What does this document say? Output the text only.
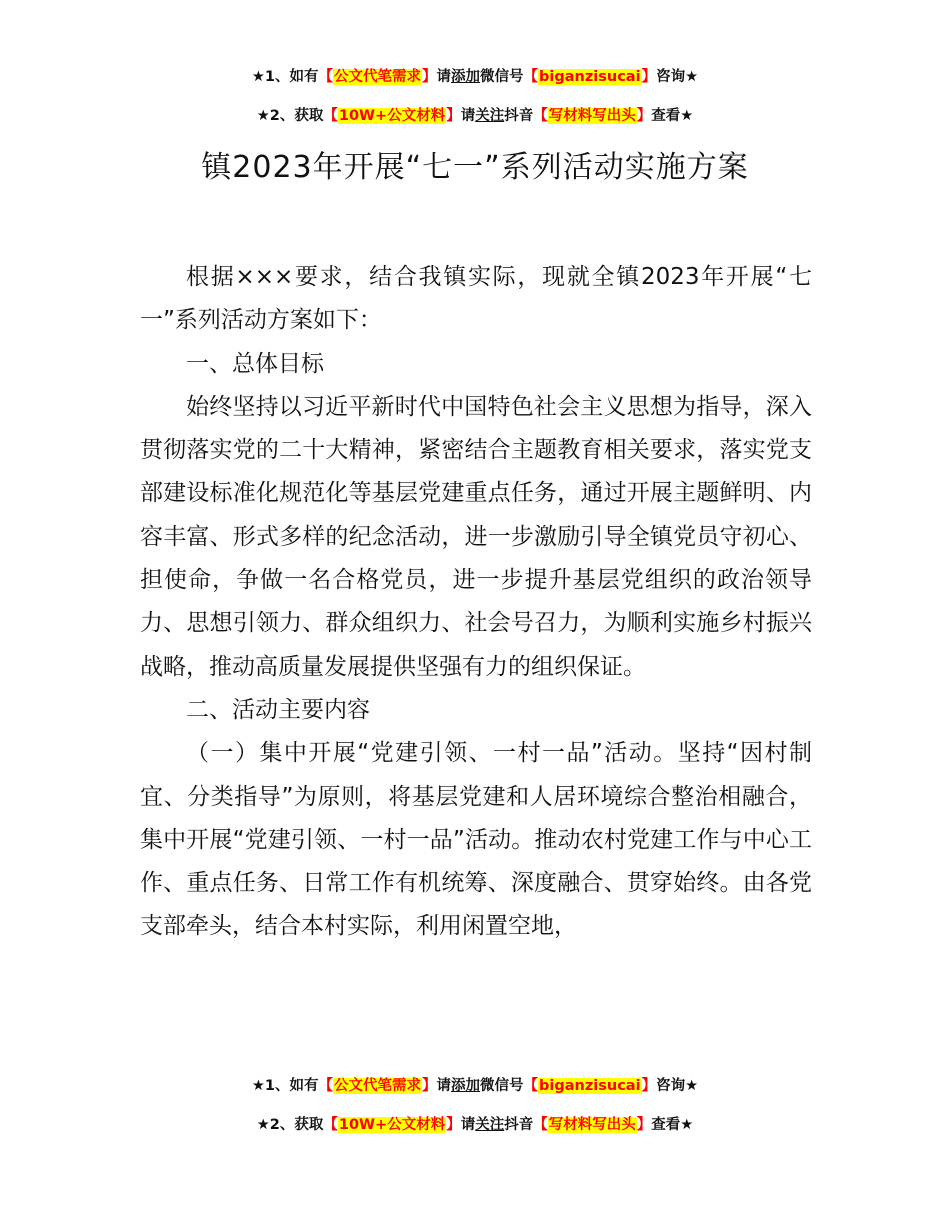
★1、如有【公文代笔需求】请添加微信号【biganzisucai】咨询★
★2、获取【10W+公文材料】请关注抖音【写材料写出头】查看★
镇2023年开展“七一”系列活动实施方案

根据×××要求，结合我镇实际，现就全镇2023年开展“七一”系列活动方案如下：

一、总体目标

始终坚持以习近平新时代中国特色社会主义思想为指导，深入贯彻落实党的二十大精神，紧密结合主题教育相关要求，落实党支部建设标准化规范化等基层党建重点任务，通过开展主题鲜明、内容丰富、形式多样的纪念活动，进一步激励引导全镇党员守初心、担使命，争做一名合格党员，进一步提升基层党组织的政治领导力、思想引领力、群众组织力、社会号召力，为顺利实施乡村振兴战略，推动高质量发展提供坚强有力的组织保证。

二、活动主要内容

（一）集中开展“党建引领、一村一品”活动。坚持“因村制宜、分类指导”为原则，将基层党建和人居环境综合整治相融合，集中开展“党建引领、一村一品”活动。推动农村党建工作与中心工作、重点任务、日常工作有机统筹、深度融合、贯穿始终。由各党支部牵头，结合本村实际，利用闲置空地，

★1、如有【公文代笔需求】请添加微信号【biganzisucai】咨询★
★2、获取【10W+公文材料】请关注抖音【写材料写出头】查看★
